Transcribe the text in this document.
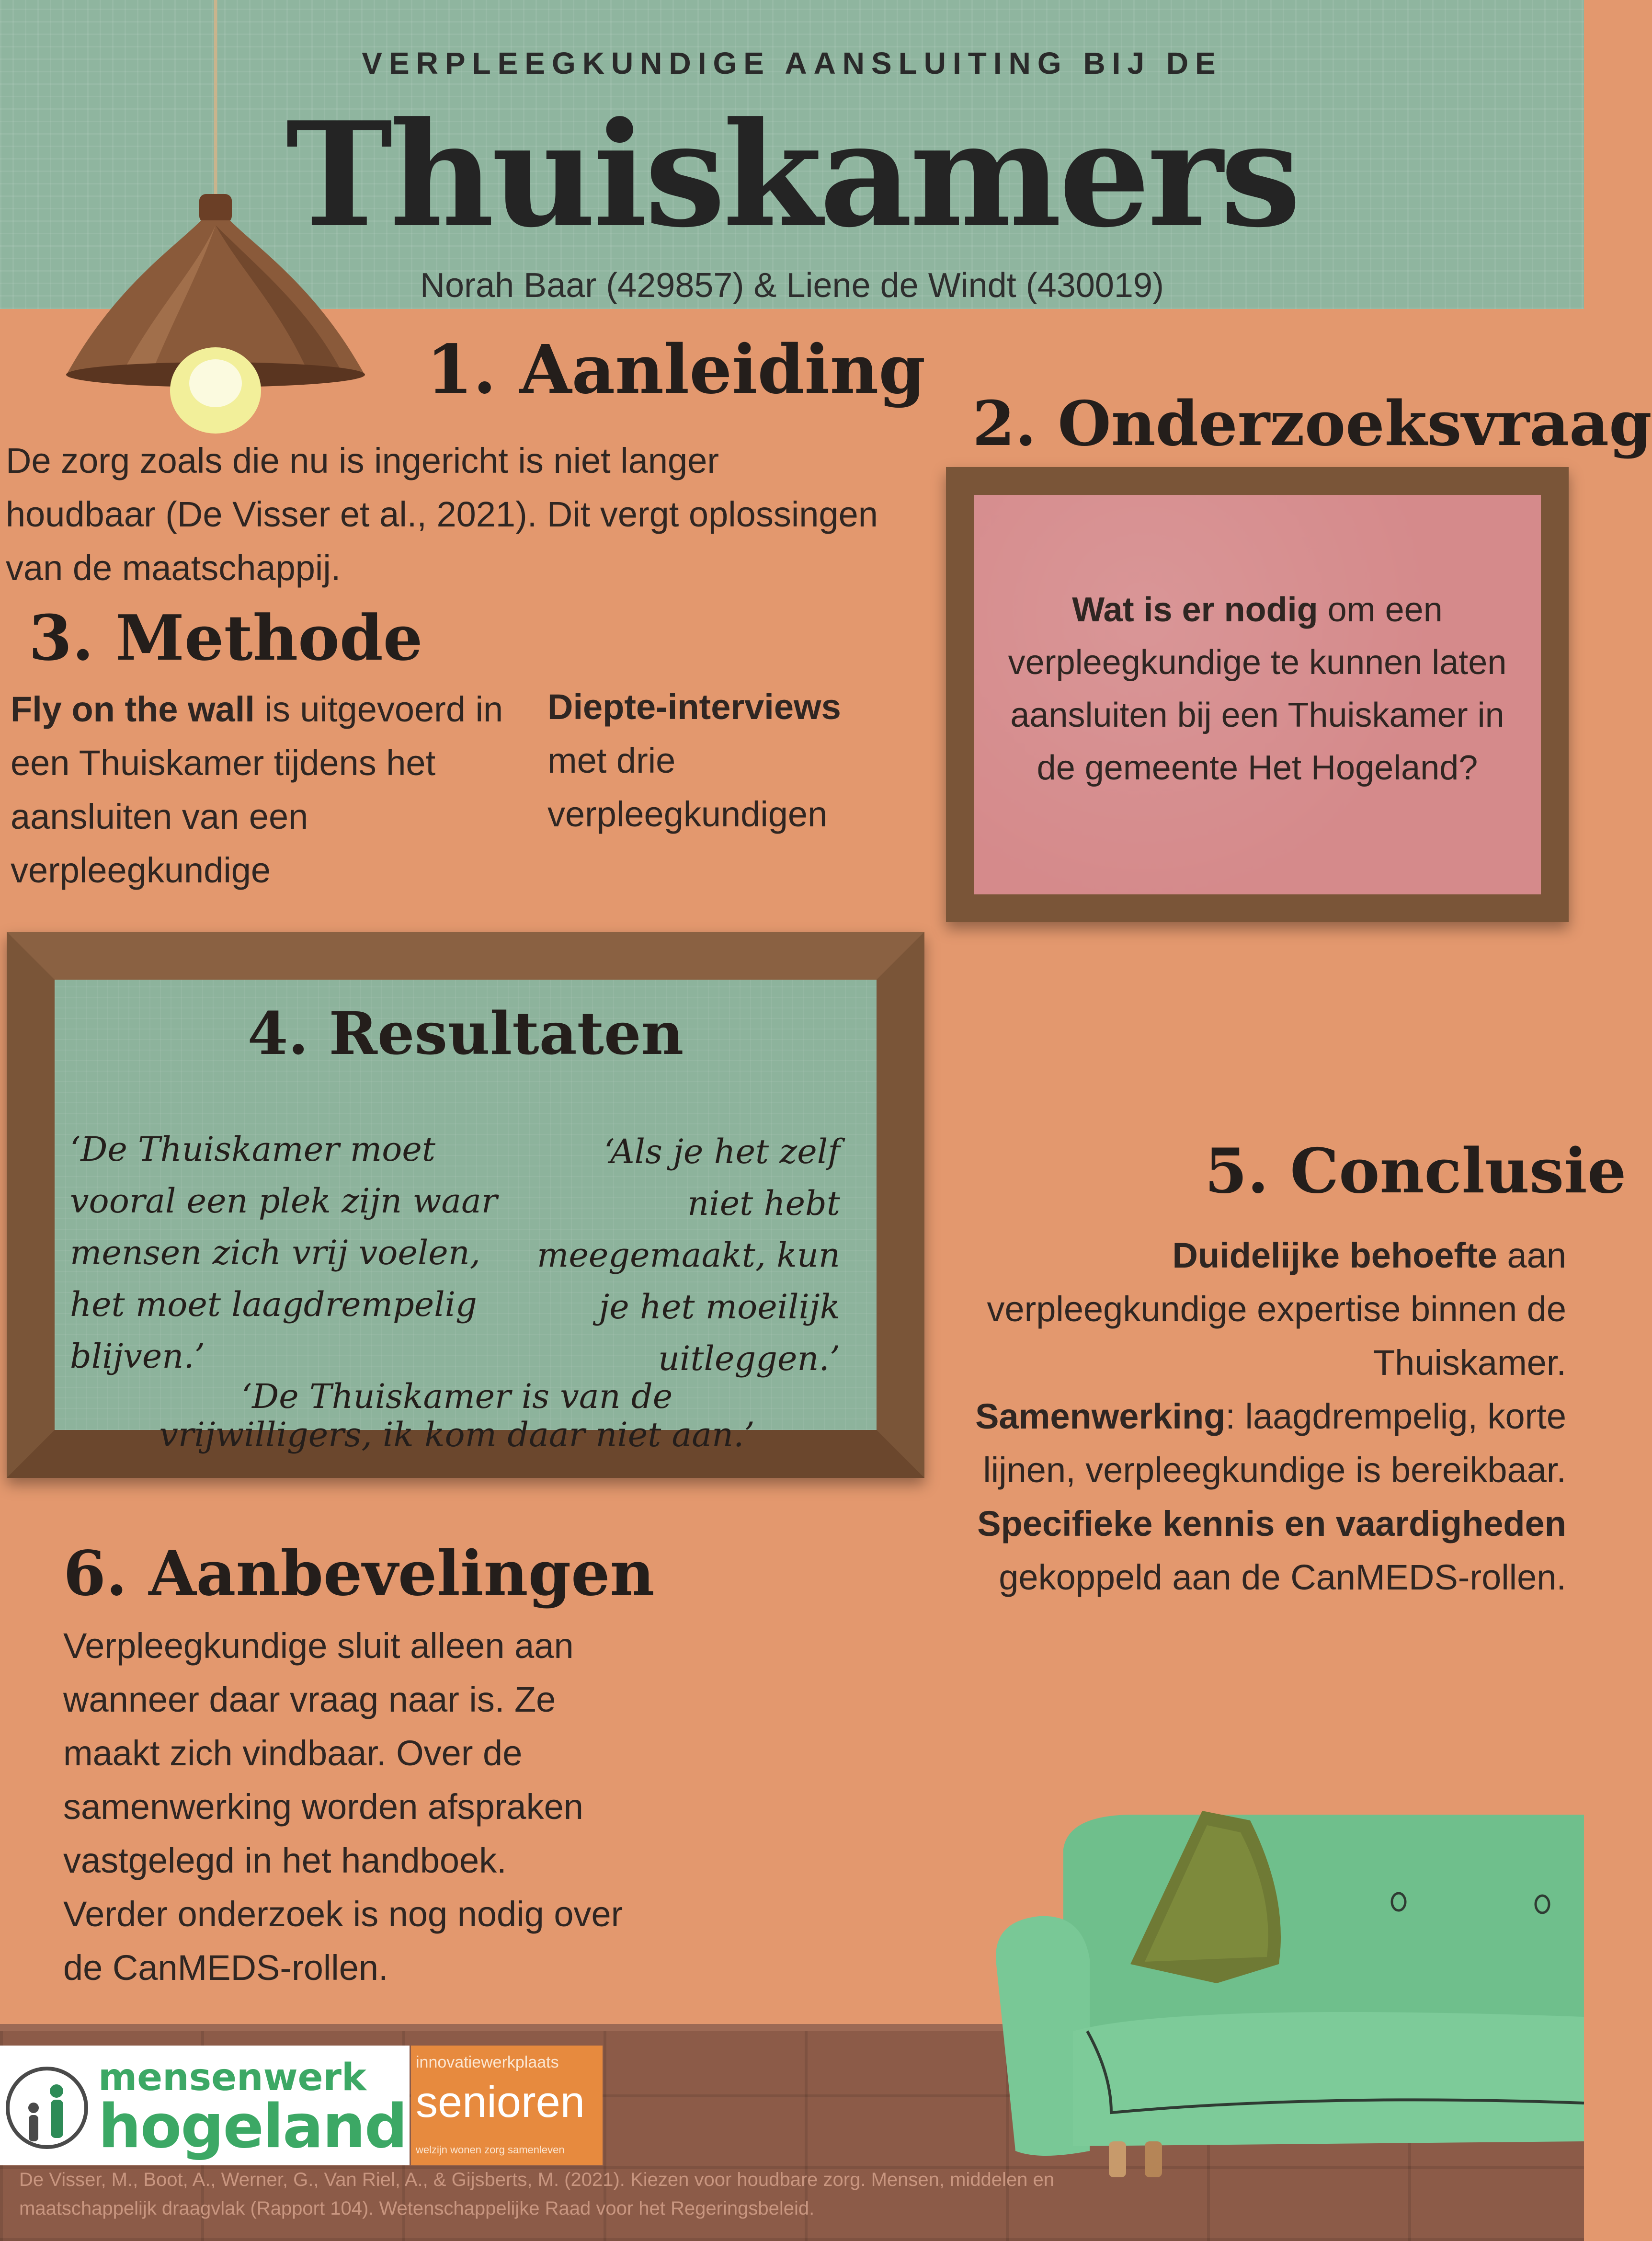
VERPLEEGKUNDIGE AANSLUITING BIJ DE
Thuiskamers
Norah Baar (429857) & Liene de Windt (430019)
1. Aanleiding
De zorg zoals die nu is ingericht is niet langer
houdbaar (De Visser et al., 2021). Dit vergt oplossingen
van de maatschappij.
2. Onderzoeksvraag
Wat is er nodig om een verpleegkundige te kunnen laten aansluiten bij een Thuiskamer in de gemeente Het Hogeland?
3. Methode
Fly on the wall is uitgevoerd in een Thuiskamer tijdens het aansluiten van een verpleegkundige
Diepte-interviews met drie verpleegkundigen
4. Resultaten
‘De Thuiskamer moet vooral een plek zijn waar mensen zich vrij voelen, het moet laagdrempelig blijven.’
‘Als je het zelf niet hebt meegemaakt, kun je het moeilijk uitleggen.’
‘De Thuiskamer is van de vrijwilligers, ik kom daar niet aan.’
5. Conclusie
Duidelijke behoefte aan verpleegkundige expertise binnen de Thuiskamer.
Samenwerking: laagdrempelig, korte lijnen, verpleegkundige is bereikbaar.
Specifieke kennis en vaardigheden gekoppeld aan de CanMEDS-rollen.
6. Aanbevelingen
Verpleegkundige sluit alleen aan
wanneer daar vraag naar is. Ze
maakt zich vindbaar. Over de
samenwerking worden afspraken
vastgelegd in het handboek.
Verder onderzoek is nog nodig over
de CanMEDS-rollen.
mensenwerk
hogeland
innovatiewerkplaats
senioren
welzijn wonen zorg samenleven
De Visser, M., Boot, A., Werner, G., Van Riel, A., & Gijsberts, M. (2021). Kiezen voor houdbare zorg. Mensen, middelen en maatschappelijk draagvlak (Rapport 104). Wetenschappelijke Raad voor het Regeringsbeleid.
